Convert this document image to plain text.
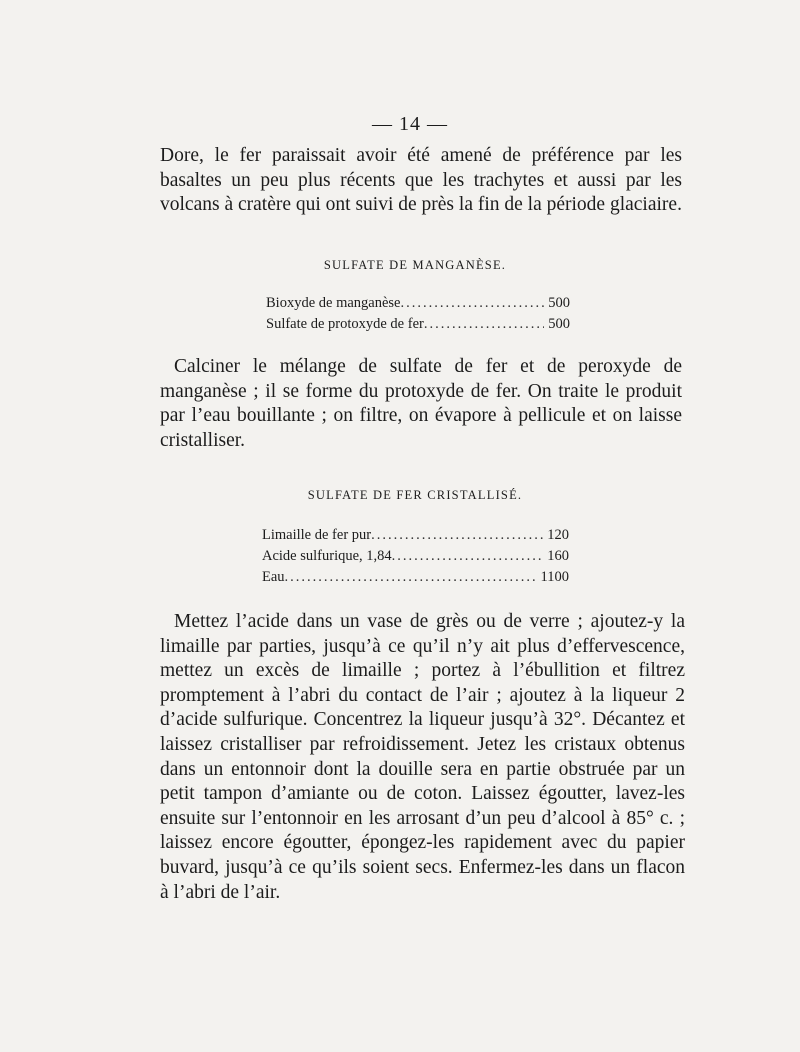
— 14 —

Dore, le fer paraissait avoir été amené de préférence par les basaltes un peu plus récents que les trachytes et aussi par les volcans à cratère qui ont suivi de près la fin de la période glaciaire.

SULFATE DE MANGANÈSE.
Bioxyde de manganèse .....	500
Sulfate de protoxyde de fer .....	500

Calciner le mélange de sulfate de fer et de peroxyde de manganèse ; il se forme du protoxyde de fer. On traite le produit par l’eau bouillante ; on filtre, on évapore à pellicule et on laisse cristalliser.

SULFATE DE FER CRISTALLISÉ.
Limaille de fer pur .....	120
Acide sulfurique, 1,84 .....	160
Eau .....	1100

Mettez l’acide dans un vase de grès ou de verre ; ajoutez-y la limaille par parties, jusqu’à ce qu’il n’y ait plus d’effervescence, mettez un excès de limaille ; portez à l’ébullition et filtrez promptement à l’abri du contact de l’air ; ajoutez à la liqueur 2 d’acide sulfurique. Concentrez la liqueur jusqu’à 32°. Décantez et laissez cristalliser par refroidissement. Jetez les cristaux obtenus dans un entonnoir dont la douille sera en partie obstruée par un petit tampon d’amiante ou de coton. Laissez égoutter, lavez-les ensuite sur l’entonnoir en les arrosant d’un peu d’alcool à 85° c. ; laissez encore égoutter, épongez-les rapidement avec du papier buvard, jusqu’à ce qu’ils soient secs. Enfermez-les dans un flacon à l’abri de l’air.
